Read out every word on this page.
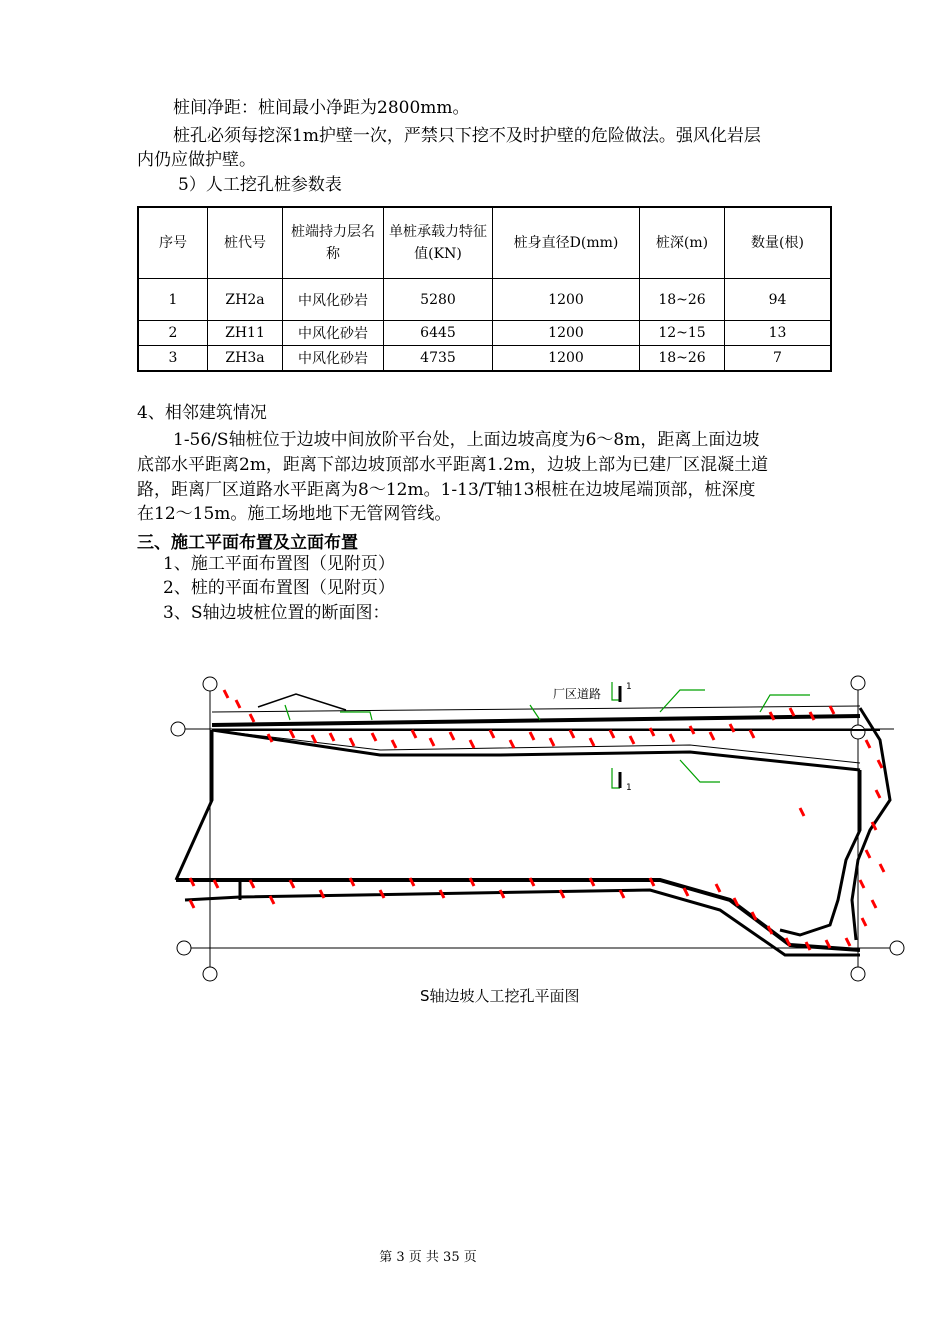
桩间净距：桩间最小净距为2800mm。

桩孔必须每挖深1m护壁一次，严禁只下挖不及时护壁的危险做法。强风化岩层

内仍应做护壁。

5）人工挖孔桩参数表

序号	桩代号	桩端持力层名称	单桩承载力特征值(KN)	桩身直径D(mm)	桩深(m)	数量(根)
1	ZH2a	中风化砂岩	5280	1200	18~26	94
2	ZH11	中风化砂岩	6445	1200	12~15	13
3	ZH3a	中风化砂岩	4735	1200	18~26	7

4、相邻建筑情况

1-56/S轴桩位于边坡中间放阶平台处，上面边坡高度为6～8m，距离上面边坡

底部水平距离2m，距离下部边坡顶部水平距离1.2m，边坡上部为已建厂区混凝土道

路，距离厂区道路水平距离为8～12m。1-13/T轴13根桩在边坡尾端顶部，桩深度

在12～15m。施工场地地下无管网管线。

三、施工平面布置及立面布置

1、施工平面布置图（见附页）

2、桩的平面布置图（见附页）

3、S轴边坡桩位置的断面图：

1
1
厂区道路
S轴边坡人工挖孔平面图
第 3 页 共 35 页
